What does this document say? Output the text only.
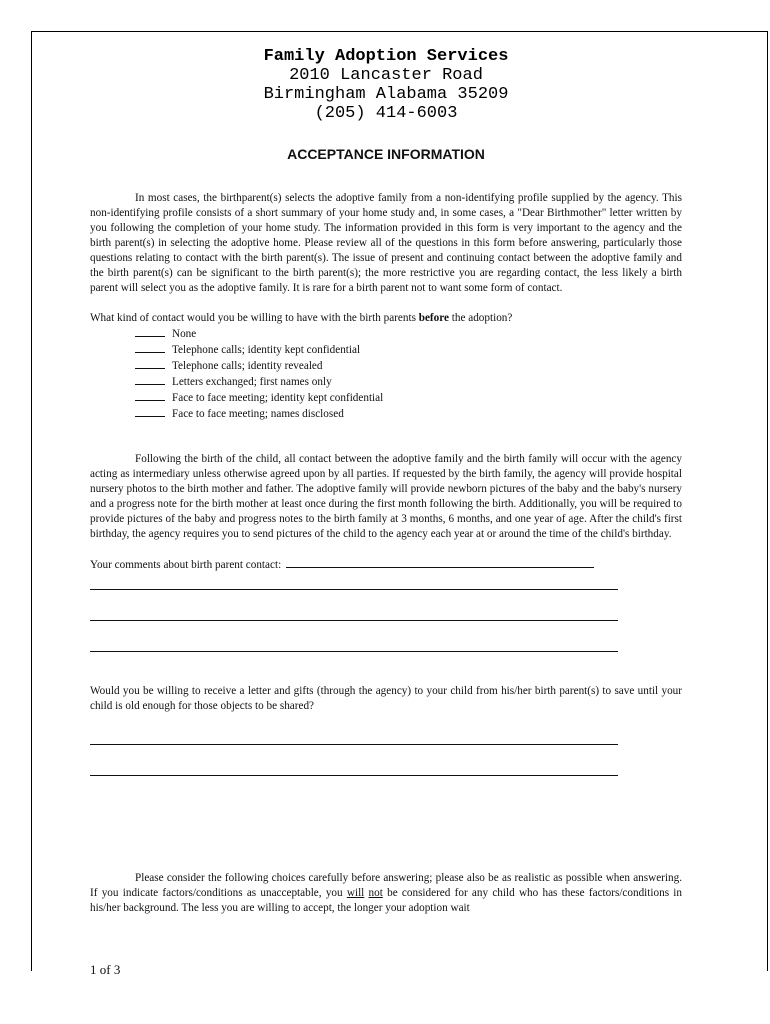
Family Adoption Services
2010 Lancaster Road
Birmingham Alabama 35209
(205) 414-6003
ACCEPTANCE INFORMATION

In most cases, the birthparent(s) selects the adoptive family from a non-identifying profile supplied by the agency. This non-identifying profile consists of a short summary of your home study and, in some cases, a "Dear Birthmother" letter written by you following the completion of your home study. The information provided in this form is very important to the agency and the birth parent(s) in selecting the adoptive home. Please review all of the questions in this form before answering, particularly those questions relating to contact with the birth parent(s). The issue of present and continuing contact between the adoptive family and the birth parent(s) can be significant to the birth parent(s); the more restrictive you are regarding contact, the less likely a birth parent will select you as the adoptive family. It is rare for a birth parent not to want some form of contact.

What kind of contact would you be willing to have with the birth parents before the adoption?

None
Telephone calls; identity kept confidential
Telephone calls; identity revealed
Letters exchanged; first names only
Face to face meeting; identity kept confidential
Face to face meeting; names disclosed

Following the birth of the child, all contact between the adoptive family and the birth family will occur with the agency acting as intermediary unless otherwise agreed upon by all parties. If requested by the birth family, the agency will provide hospital nursery photos to the birth mother and father. The adoptive family will provide newborn pictures of the baby and the baby's nursery and a progress note for the birth mother at least once during the first month following the birth. Additionally, you will be required to provide pictures of the baby and progress notes to the birth family at 3 months, 6 months, and one year of age. After the child's first birthday, the agency requires you to send pictures of the child to the agency each year at or around the time of the child's birthday.

Your comments about birth parent contact:

Would you be willing to receive a letter and gifts (through the agency) to your child from his/her birth parent(s) to save until your child is old enough for those objects to be shared?

Please consider the following choices carefully before answering; please also be as realistic as possible when answering. If you indicate factors/conditions as unacceptable, you will not be considered for any child who has these factors/conditions in his/her background. The less you are willing to accept, the longer your adoption wait

1 of 3
